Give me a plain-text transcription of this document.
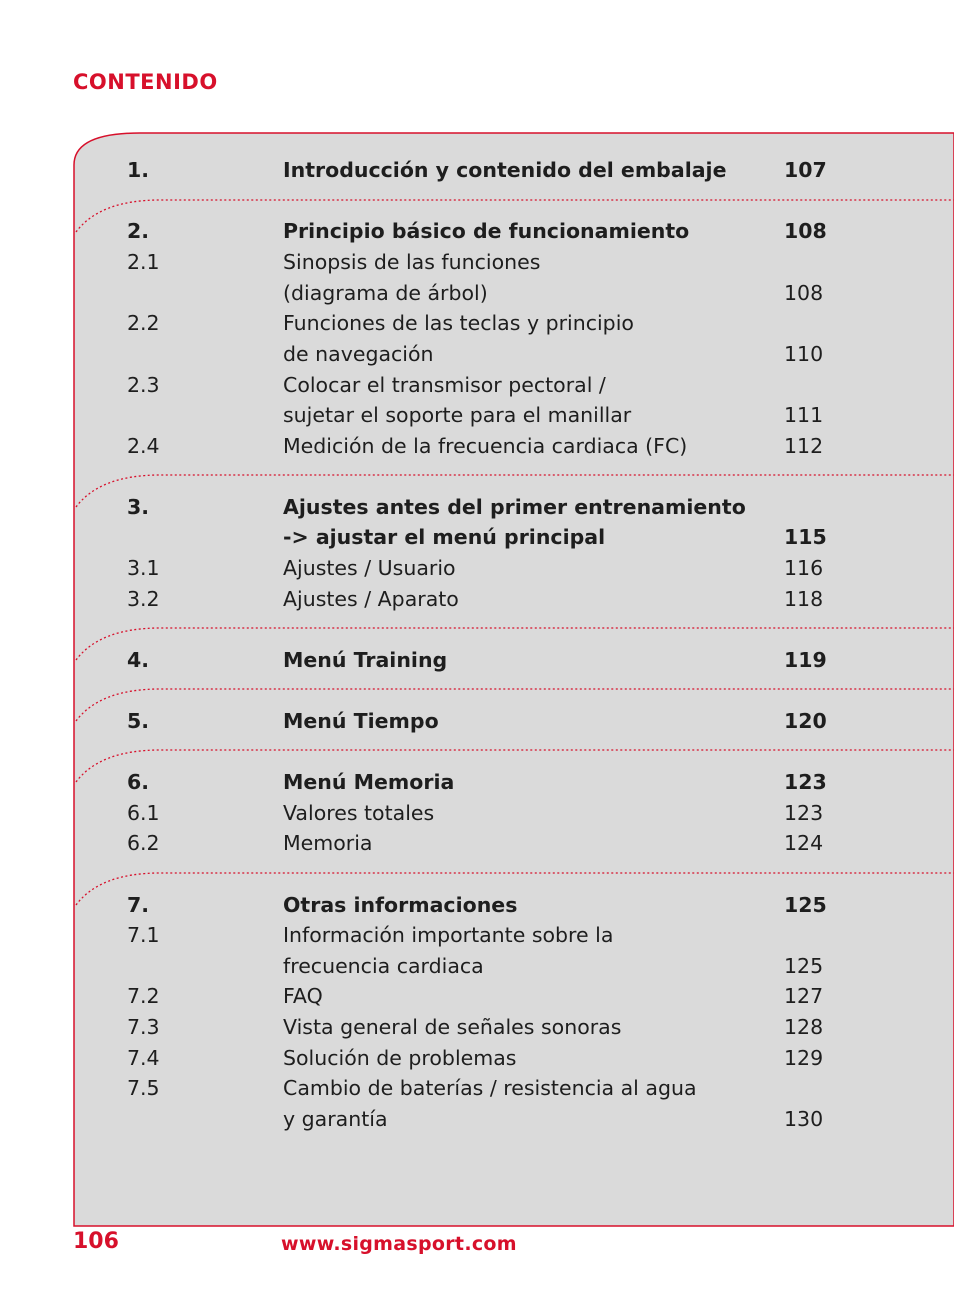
CONTENIDO
1.	Introducción y contenido del embalaje	107
2.	Principio básico de funcionamiento	108
2.1	Sinopsis de las funciones
(diagrama de árbol)	108
2.2	Funciones de las teclas y principio
de navegación	110
2.3	Colocar el transmisor pectoral /
sujetar el soporte para el manillar	111
2.4	Medición de la frecuencia cardiaca (FC)	112
3.	Ajustes antes del primer entrenamiento
-> ajustar el menú principal	115
3.1	Ajustes / Usuario	116
3.2	Ajustes / Aparato	118
4.	Menú Training	119
5.	Menú Tiempo	120
6.	Menú Memoria	123
6.1	Valores totales	123
6.2	Memoria	124
7.	Otras informaciones	125
7.1	Información importante sobre la
frecuencia cardiaca	125
7.2	FAQ	127
7.3	Vista general de señales sonoras	128
7.4	Solución de problemas	129
7.5	Cambio de baterías / resistencia al agua
y garantía	130
106	www.sigmasport.com
